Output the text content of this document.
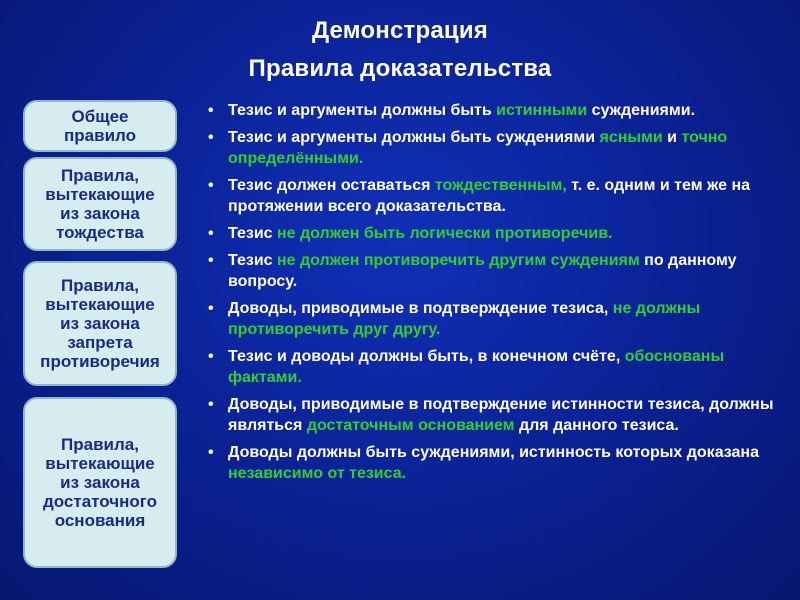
Демонстрация
Правила доказательства
Общее
правило
Правила,
вытекающие
из закона
тождества
Правила,
вытекающие
из закона
запрета
противоречия
Правила,
вытекающие
из закона
достаточного
основания
• Тезис и аргументы должны быть истинными суждениями.
• Тезис и аргументы должны быть суждениями ясными и точно определёнными.
• Тезис должен оставаться тождественным, т. е. одним и тем же на протяжении всего доказательства.
• Тезис не должен быть логически противоречив.
• Тезис не должен противоречить другим суждениям по данному вопросу.
• Доводы, приводимые в подтверждение тезиса, не должны противоречить друг другу.
• Тезис и доводы должны быть, в конечном счёте, обоснованы фактами.
• Доводы, приводимые в подтверждение истинности тезиса, должны являться достаточным основанием для данного тезиса.
• Доводы должны быть суждениями, истинность которых доказана независимо от тезиса.
